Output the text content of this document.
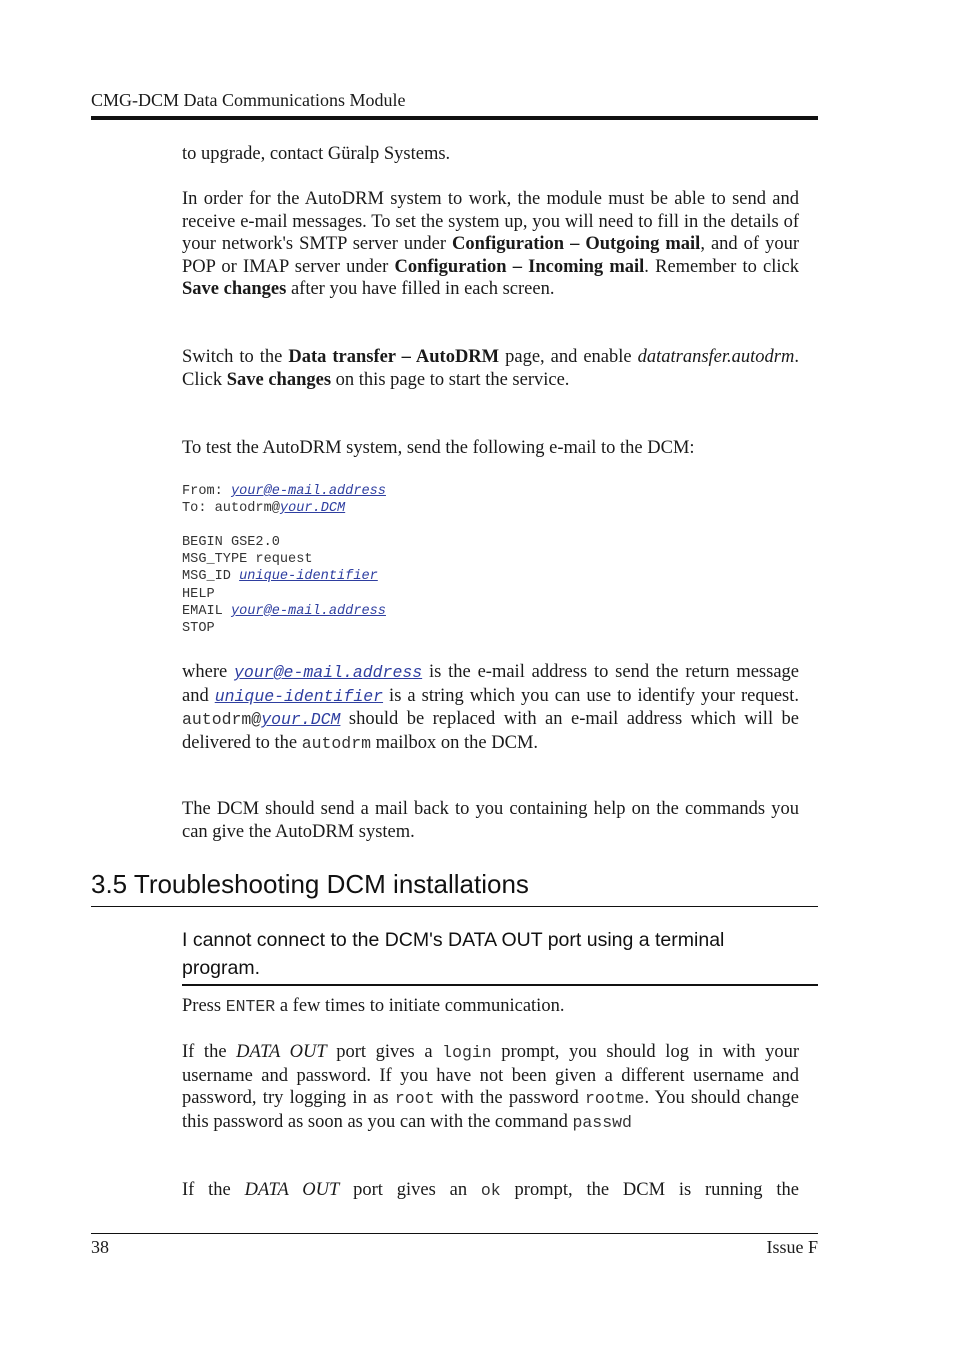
CMG-DCM Data Communications Module

to upgrade, contact Güralp Systems.

In order for the AutoDRM system to work, the module must be able to send and receive e-mail messages. To set the system up, you will need to fill in the details of your network's SMTP server under Configuration – Outgoing mail, and of your POP or IMAP server under Configuration – Incoming mail. Remember to click Save changes after you have filled in each screen.

Switch to the Data transfer – AutoDRM page, and enable datatransfer.autodrm. Click Save changes on this page to start the service.

To test the AutoDRM system, send the following e-mail to the DCM:

From: your@e-mail.address
To: autodrm@your.DCM

BEGIN GSE2.0
MSG_TYPE request
MSG_ID unique-identifier
HELP
EMAIL your@e-mail.address
STOP

where your@e-mail.address is the e-mail address to send the return message and unique-identifier is a string which you can use to identify your request. autodrm@your.DCM should be replaced with an e-mail address which will be delivered to the autodrm mailbox on the DCM.

The DCM should send a mail back to you containing help on the commands you can give the AutoDRM system.

3.5 Troubleshooting DCM installations
I cannot connect to the DCM's DATA OUT port using a terminal program.

Press ENTER a few times to initiate communication.

If the DATA OUT port gives a login prompt, you should log in with your username and password. If you have not been given a different username and password, try logging in as root with the password rootme. You should change this password as soon as you can with the command passwd

If the DATA OUT port gives an ok prompt, the DCM is running the

38	Issue F
